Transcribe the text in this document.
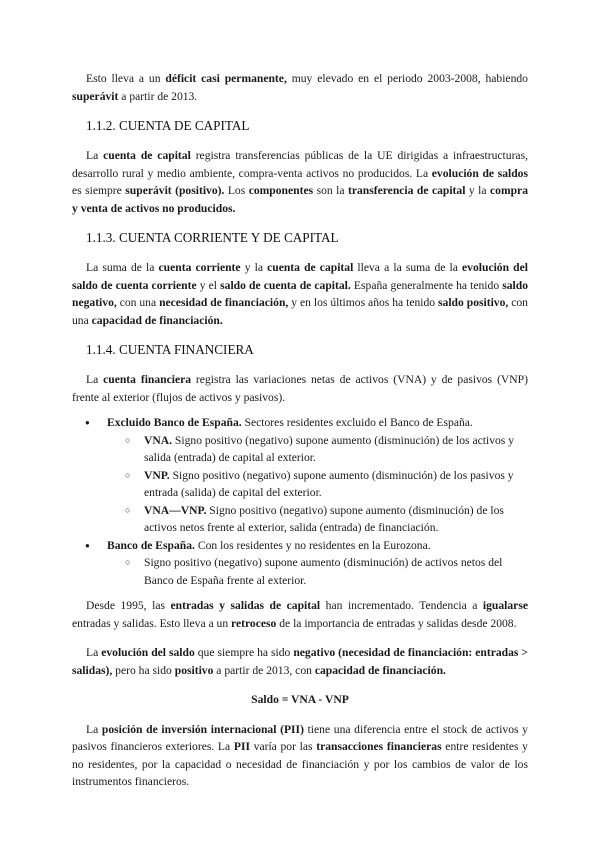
Esto lleva a un déficit casi permanente, muy elevado en el periodo 2003-2008, habiendo superávit a partir de 2013.

1.1.2. CUENTA DE CAPITAL

La cuenta de capital registra transferencias públicas de la UE dirigidas a infraestructuras, desarrollo rural y medio ambiente, compra-venta activos no producidos. La evolución de saldos es siempre superávit (positivo). Los componentes son la transferencia de capital y la compra y venta de activos no producidos.

1.1.3. CUENTA CORRIENTE Y DE CAPITAL

La suma de la cuenta corriente y la cuenta de capital lleva a la suma de la evolución del saldo de cuenta corriente y el saldo de cuenta de capital. España generalmente ha tenido saldo negativo, con una necesidad de financiación, y en los últimos años ha tenido saldo positivo, con una capacidad de financiación.

1.1.4. CUENTA FINANCIERA

La cuenta financiera registra las variaciones netas de activos (VNA) y de pasivos (VNP) frente al exterior (flujos de activos y pasivos).

● Excluido Banco de España. Sectores residentes excluido el Banco de España.
○ VNA. Signo positivo (negativo) supone aumento (disminución) de los activos y salida (entrada) de capital al exterior.
○ VNP. Signo positivo (negativo) supone aumento (disminución) de los pasivos y entrada (salida) de capital del exterior.
○ VNA—VNP. Signo positivo (negativo) supone aumento (disminución) de los activos netos frente al exterior, salida (entrada) de financiación.
● Banco de España. Con los residentes y no residentes en la Eurozona.
○ Signo positivo (negativo) supone aumento (disminución) de activos netos del Banco de España frente al exterior.

Desde 1995, las entradas y salidas de capital han incrementado. Tendencia a igualarse entradas y salidas. Esto lleva a un retroceso de la importancia de entradas y salidas desde 2008.

La evolución del saldo que siempre ha sido negativo (necesidad de financiación: entradas > salidas), pero ha sido positivo a partir de 2013, con capacidad de financiación.

Saldo = VNA - VNP

La posición de inversión internacional (PII) tiene una diferencia entre el stock de activos y pasivos financieros exteriores. La PII varía por las transacciones financieras entre residentes y no residentes, por la capacidad o necesidad de financiación y por los cambios de valor de los instrumentos financieros.
